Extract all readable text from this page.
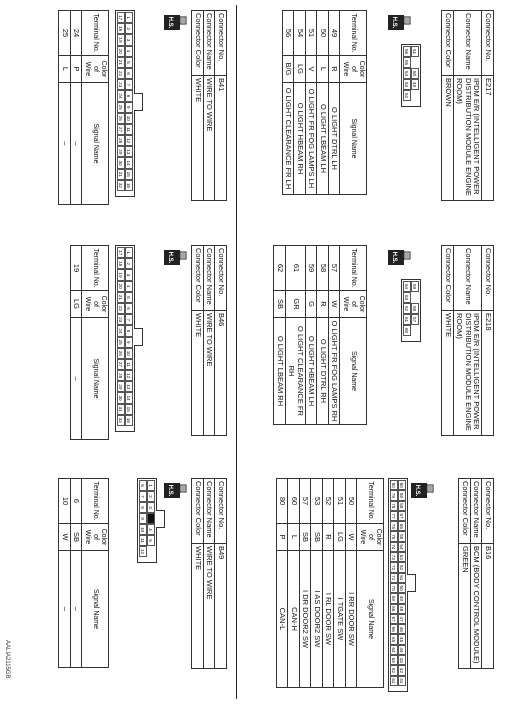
Connector No.	E217
Connector Name	IPDM E/R (INTELLIGENT POWER DISTRIBUTION MODULE ENGINE ROOM)
Connector Color	BROWN
H.S.
51
50
49
56
55
54
53
52
Terminal No.	Color of Wire	Signal Name
49	R	O LIGHT DTRL LH
50	L	O LIGHT LBEAM LH
51	V	O LIGHT FR FOG LAMPS LH
54	LG	O LIGHT HBEAM RH
56	B/G	O LIGHT CLEARANCE FR LH
Connector No.	E218
Connector Name	IPDM E/R (INTELLIGENT POWER DISTRIBUTION MODULE ENGINE ROOM)
Connector Color	WHITE
H.S.
59
58
57
64
63
62
61
60
Terminal No.	Color of Wire	Signal Name
57	W	O LIGHT FR FOG LAMPS RH
58	R	O LIGHT DTRL RH
59	G	O LIGHT HBEAM LH
61	GR	O LIGHT CLEARANCE FR RH
62	SB	O LIGHT LBEAM RH
Connector No.	B16
Connector Name	BCM (BODY CONTROL MODULE)
Connector Color	GREEN
H.S.
60
59
58
57
56
55
54
53
52
51
50
49
48
47
46
45
44
43
42
41
80
79
78
77
76
75
74
73
72
71
70
69
68
67
66
65
64
63
62
61
Terminal No.	Color of Wire	Signal Name
50	W	I RR DOOR SW
51	LG	I TGATE SW
52	R	I RL DOOR SW
53	SB	I AS DOOR2 SW
57	SB	I DR DOOR2 SW
60	L	CAN-H
80	P	CAN-L
Connector No.	B41
Connector Name	WIRE TO WIRE
Connector Color	WHITE
H.S.
1
2
3
4
5
6
7
8
9
10
11
12
13
14
15
16
17
18
19
20
21
22
23
24
25
26
27
28
29
30
31
32
Terminal No.	Color of Wire	Signal Name
24	P	–
25	L	–
Connector No.	B46
Connector Name	WIRE TO WIRE
Connector Color	WHITE
H.S.
1
2
3
4
5
6
7
8
9
10
11
12
13
14
15
16
17
18
19
20
21
22
23
24
25
26
27
28
29
30
31
32
Terminal No.	Color of Wire	Signal Name
19	LG	–
Connector No.	B49
Connector Name	WIRE TO WIRE
Connector Color	WHITE
H.S.
1
2
3
4
5
6
7
8
9
10
11
12
Terminal No.	Color of Wire	Signal Name
6	SB	–
10	W	–
AALIA2115GB
